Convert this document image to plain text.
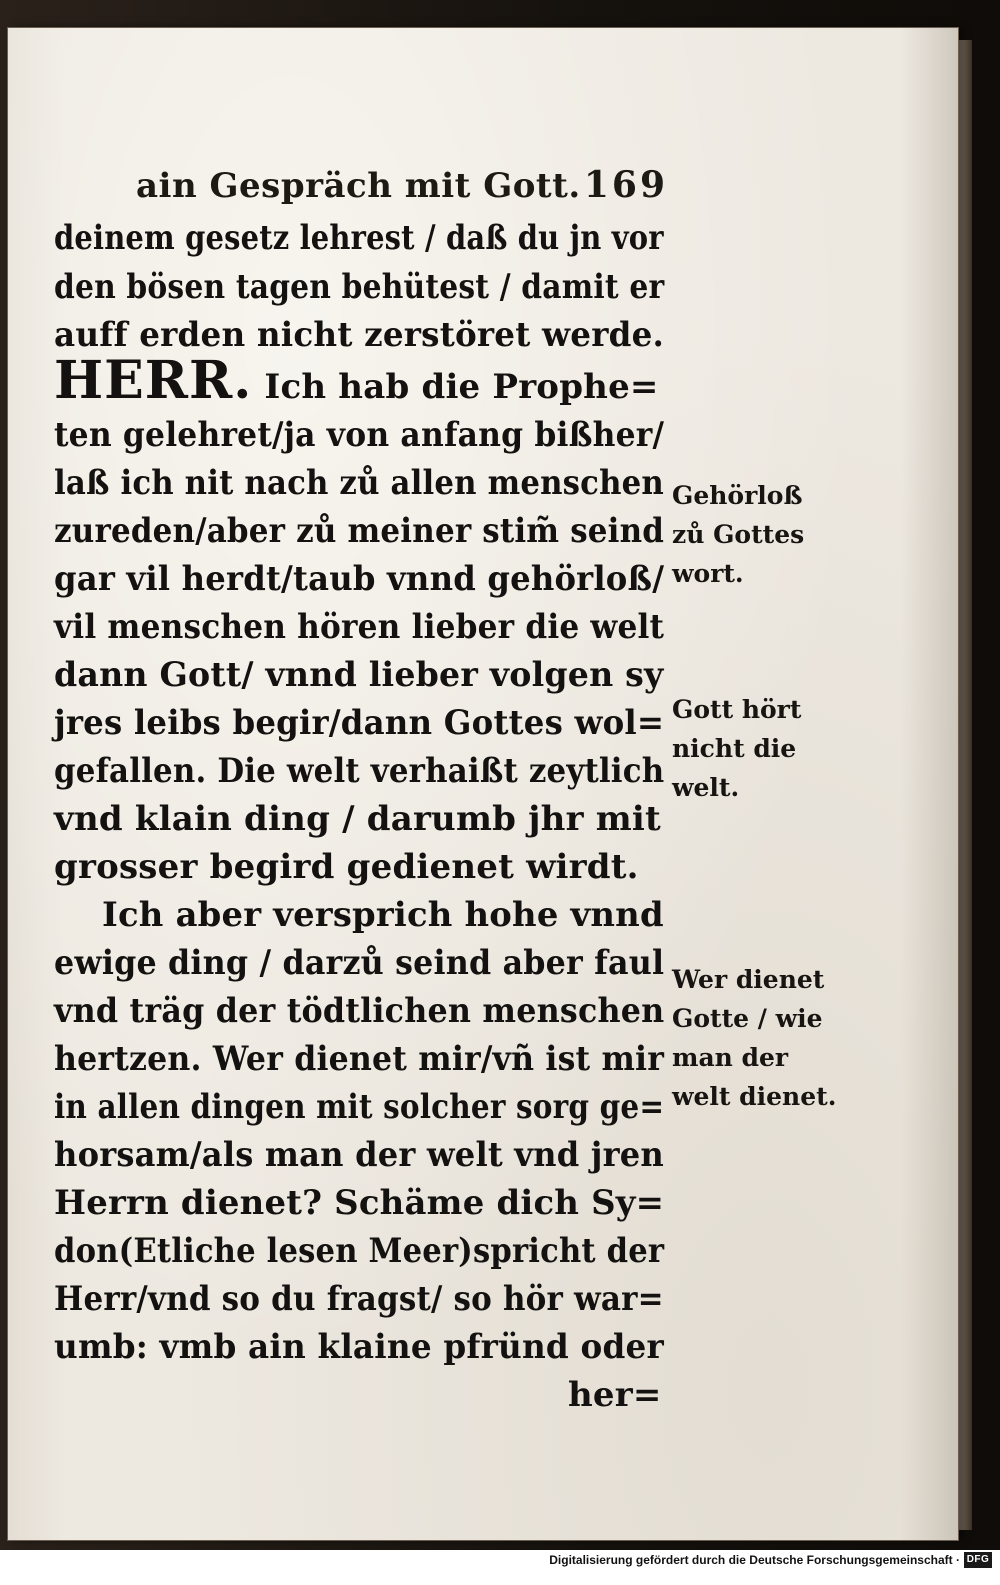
ain Gespräch mit Gott. 169
deinem gesetz lehrest / daß du jn vor
den bösen tagen behütest / damit er
auff erden nicht zerstöret werde.
HERR. Ich hab die Prophe=
ten gelehret/ja von anfang bißher/
laß ich nit nach zů allen menschen
zureden/aber zů meiner stim̃ seind
gar vil herdt/taub vnnd gehörloß/
vil menschen hören lieber die welt
dann Gott/ vnnd lieber volgen sy
jres leibs begir/dann Gottes wol=
gefallen. Die welt verhaißt zeytlich
vnd klain ding / darumb jhr mit
grosser begird gedienet wirdt.
Ich aber versprich hohe vnnd
ewige ding / darzů seind aber faul
vnd träg der tödtlichen menschen
hertzen. Wer dienet mir/vñ ist mir
in allen dingen mit solcher sorg ge=
horsam/als man der welt vnd jren
Herrn dienet? Schäme dich Sy=
don(Etliche lesen Meer)spricht der
Herr/vnd so du fragst/ so hör war=
umb: vmb ain klaine pfründ oder
her=
Gehörloß
zů Gottes
wort.
Gott hört
nicht die
welt.
Wer dienet
Gotte / wie
man der
welt dienet.
Digitalisierung gefördert durch die Deutsche Forschungsgemeinschaft · DFG
